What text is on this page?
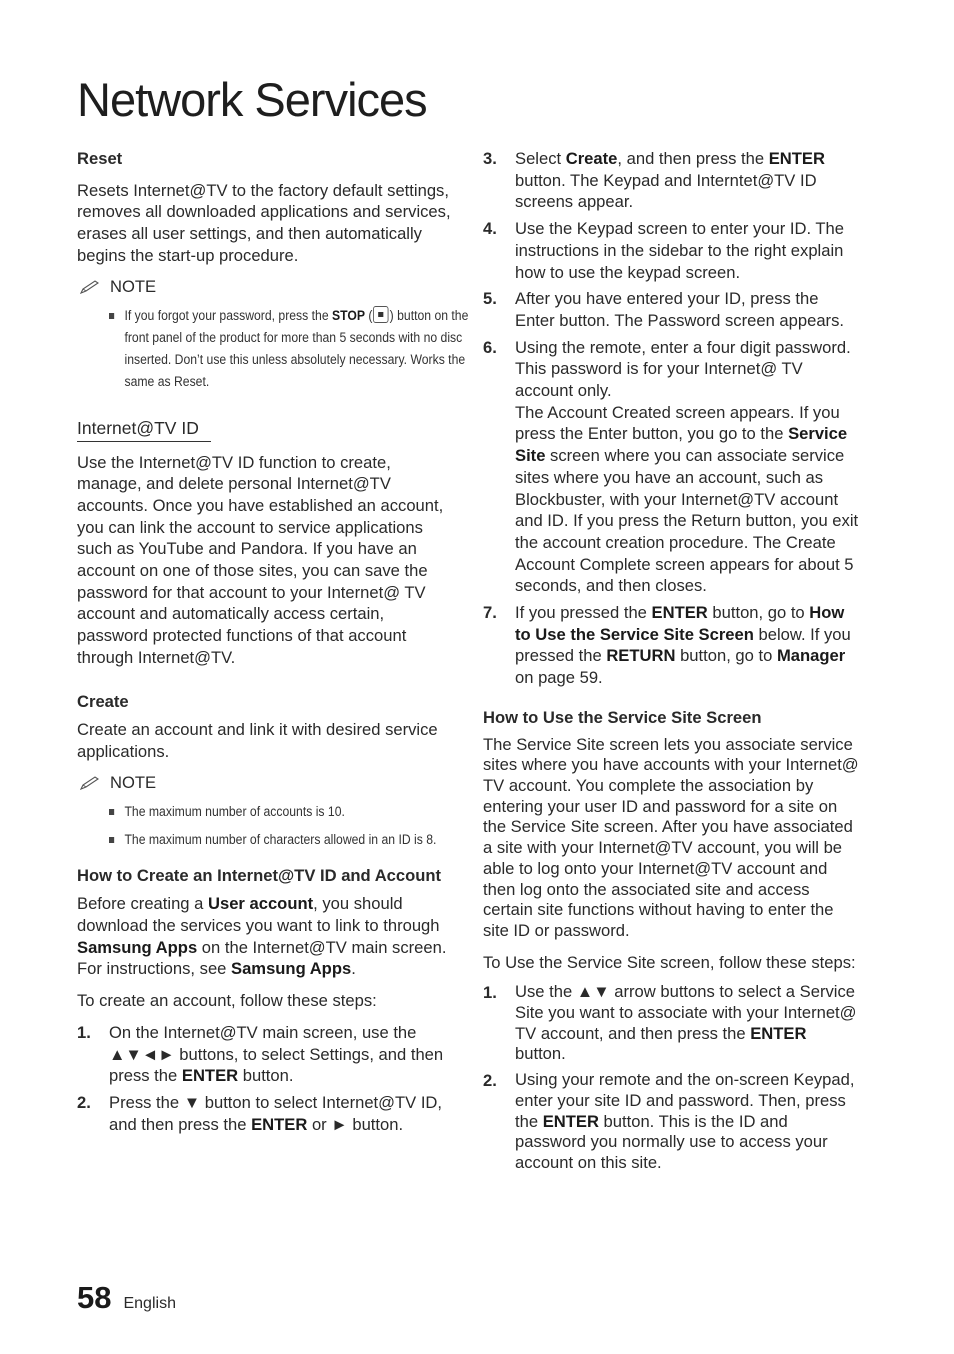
Network Services
Reset

Resets Internet@TV to the factory default settings, removes all downloaded applications and services, erases all user settings, and then automatically begins the start-up procedure.

NOTE
If you forgot your password, press the STOP ( ) button on the front panel of the product for more than 5 seconds with no disc inserted. Don’t use this unless absolutely necessary. Works the same as Reset.
Internet@TV ID

Use the Internet@TV ID function to create, manage, and delete personal Internet@TV accounts. Once you have established an account, you can link the account to service applications such as YouTube and Pandora. If you have an account on one of those sites, you can save the password for that account to your Internet@ TV account and automatically access certain, password protected functions of that account through Internet@TV.

Create

Create an account and link it with desired service applications.

NOTE
The maximum number of accounts is 10.
The maximum number of characters allowed in an ID is 8.
How to Create an Internet@TV ID and Account

Before creating a User account, you should download the services you want to link to through Samsung Apps on the Internet@TV main screen. For instructions, see Samsung Apps.

To create an account, follow these steps:

1. On the Internet@TV main screen, use the ▲▼◄► buttons, to select Settings, and then press the ENTER button.

2. Press the ▼ button to select Internet@TV ID, and then press the ENTER or ► button.

3. Select Create, and then press the ENTER button. The Keypad and Interntet@TV ID screens appear.

4. Use the Keypad screen to enter your ID. The instructions in the sidebar to the right explain how to use the keypad screen.

5. After you have entered your ID, press the Enter button. The Password screen appears.

6. Using the remote, enter a four digit password. This password is for your Internet@ TV account only.

The Account Created screen appears. If you press the Enter button, you go to the Service Site screen where you can associate service sites where you have an account, such as Blockbuster, with your Internet@TV account and ID. If you press the Return button, you exit the account creation procedure. The Create Account Complete screen appears for about 5 seconds, and then closes.

7. If you pressed the ENTER button, go to How to Use the Service Site Screen below. If you pressed the RETURN button, go to Manager on page 59.

How to Use the Service Site Screen

The Service Site screen lets you associate service sites where you have accounts with your Internet@ TV account. You complete the association by entering your user ID and password for a site on the Service Site screen. After you have associated a site with your Internet@TV account, you will be able to log onto your Internet@TV account and then log onto the associated site and access certain site functions without having to enter the site ID or password.

To Use the Service Site screen, follow these steps:

1. Use the ▲▼ arrow buttons to select a Service Site you want to associate with your Internet@ TV account, and then press the ENTER button.

2. Using your remote and the on-screen Keypad, enter your site ID and password. Then, press the ENTER button. This is the ID and password you normally use to access your account on this site.

58 English
